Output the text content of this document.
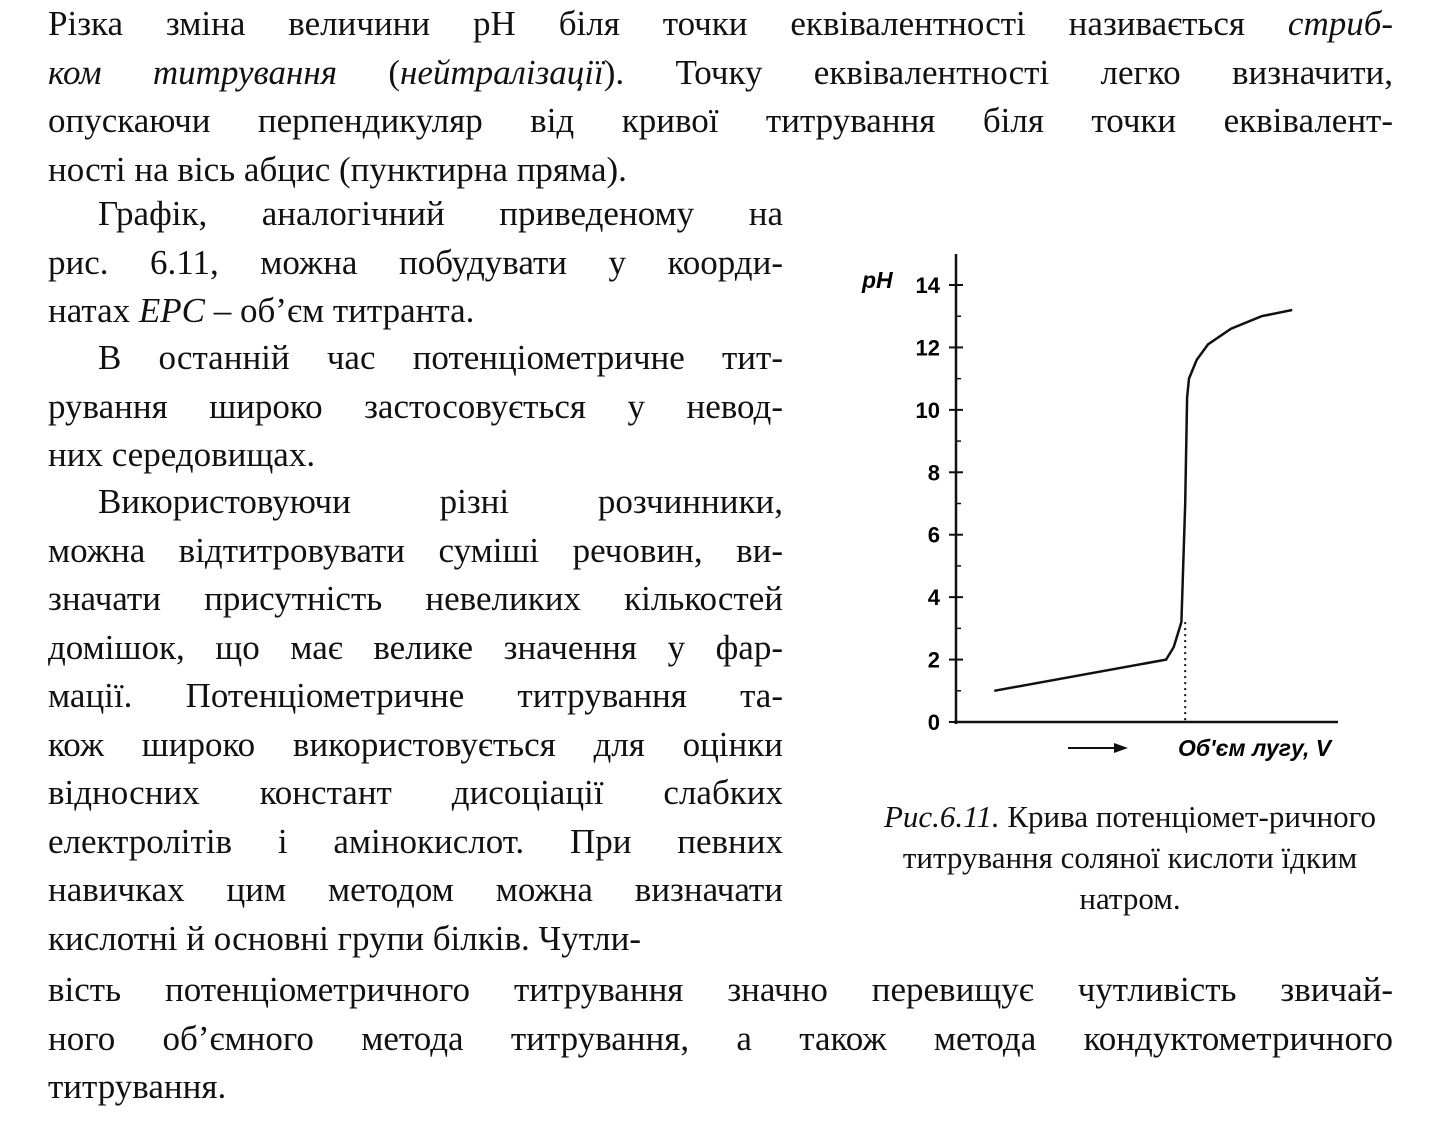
Різка зміна величини pH біля точки еквівалентності називається стриб-
ком титрування (нейтралізації). Точку еквівалентності легко визначити,
опускаючи перпендикуляр від кривої титрування біля точки еквівалент-
ності на вісь абцис (пунктирна пряма).
Графік, аналогічний приведеному на
рис. 6.11, можна побудувати у коорди-
натах ЕРС – об’єм титранта.
В останній час потенціометричне тит-
рування широко застосовується у невод-
них середовищах.
Використовуючи різні розчинники,
можна відтитровувати суміші речовин, ви-
значати присутність невеликих кількостей
домішок, що має велике значення у фар-
мації. Потенціометричне титрування та-
кож широко використовується для оцінки
відносних констант дисоціації слабких
електролітів і амінокислот. При певних
навичках цим методом можна визначати
кислотні й основні групи білків. Чутли-
вість потенціометричного титрування значно перевищує чутливість звичай-
ного об’ємного метода титрування, а також метода кондуктометричного
титрування.
0
2
4
6
8
10
12
14
pH
Об'єм лугу, V
Рис.6.11. Крива потенціомет-ричного титрування соляної кислоти їдким натром.
